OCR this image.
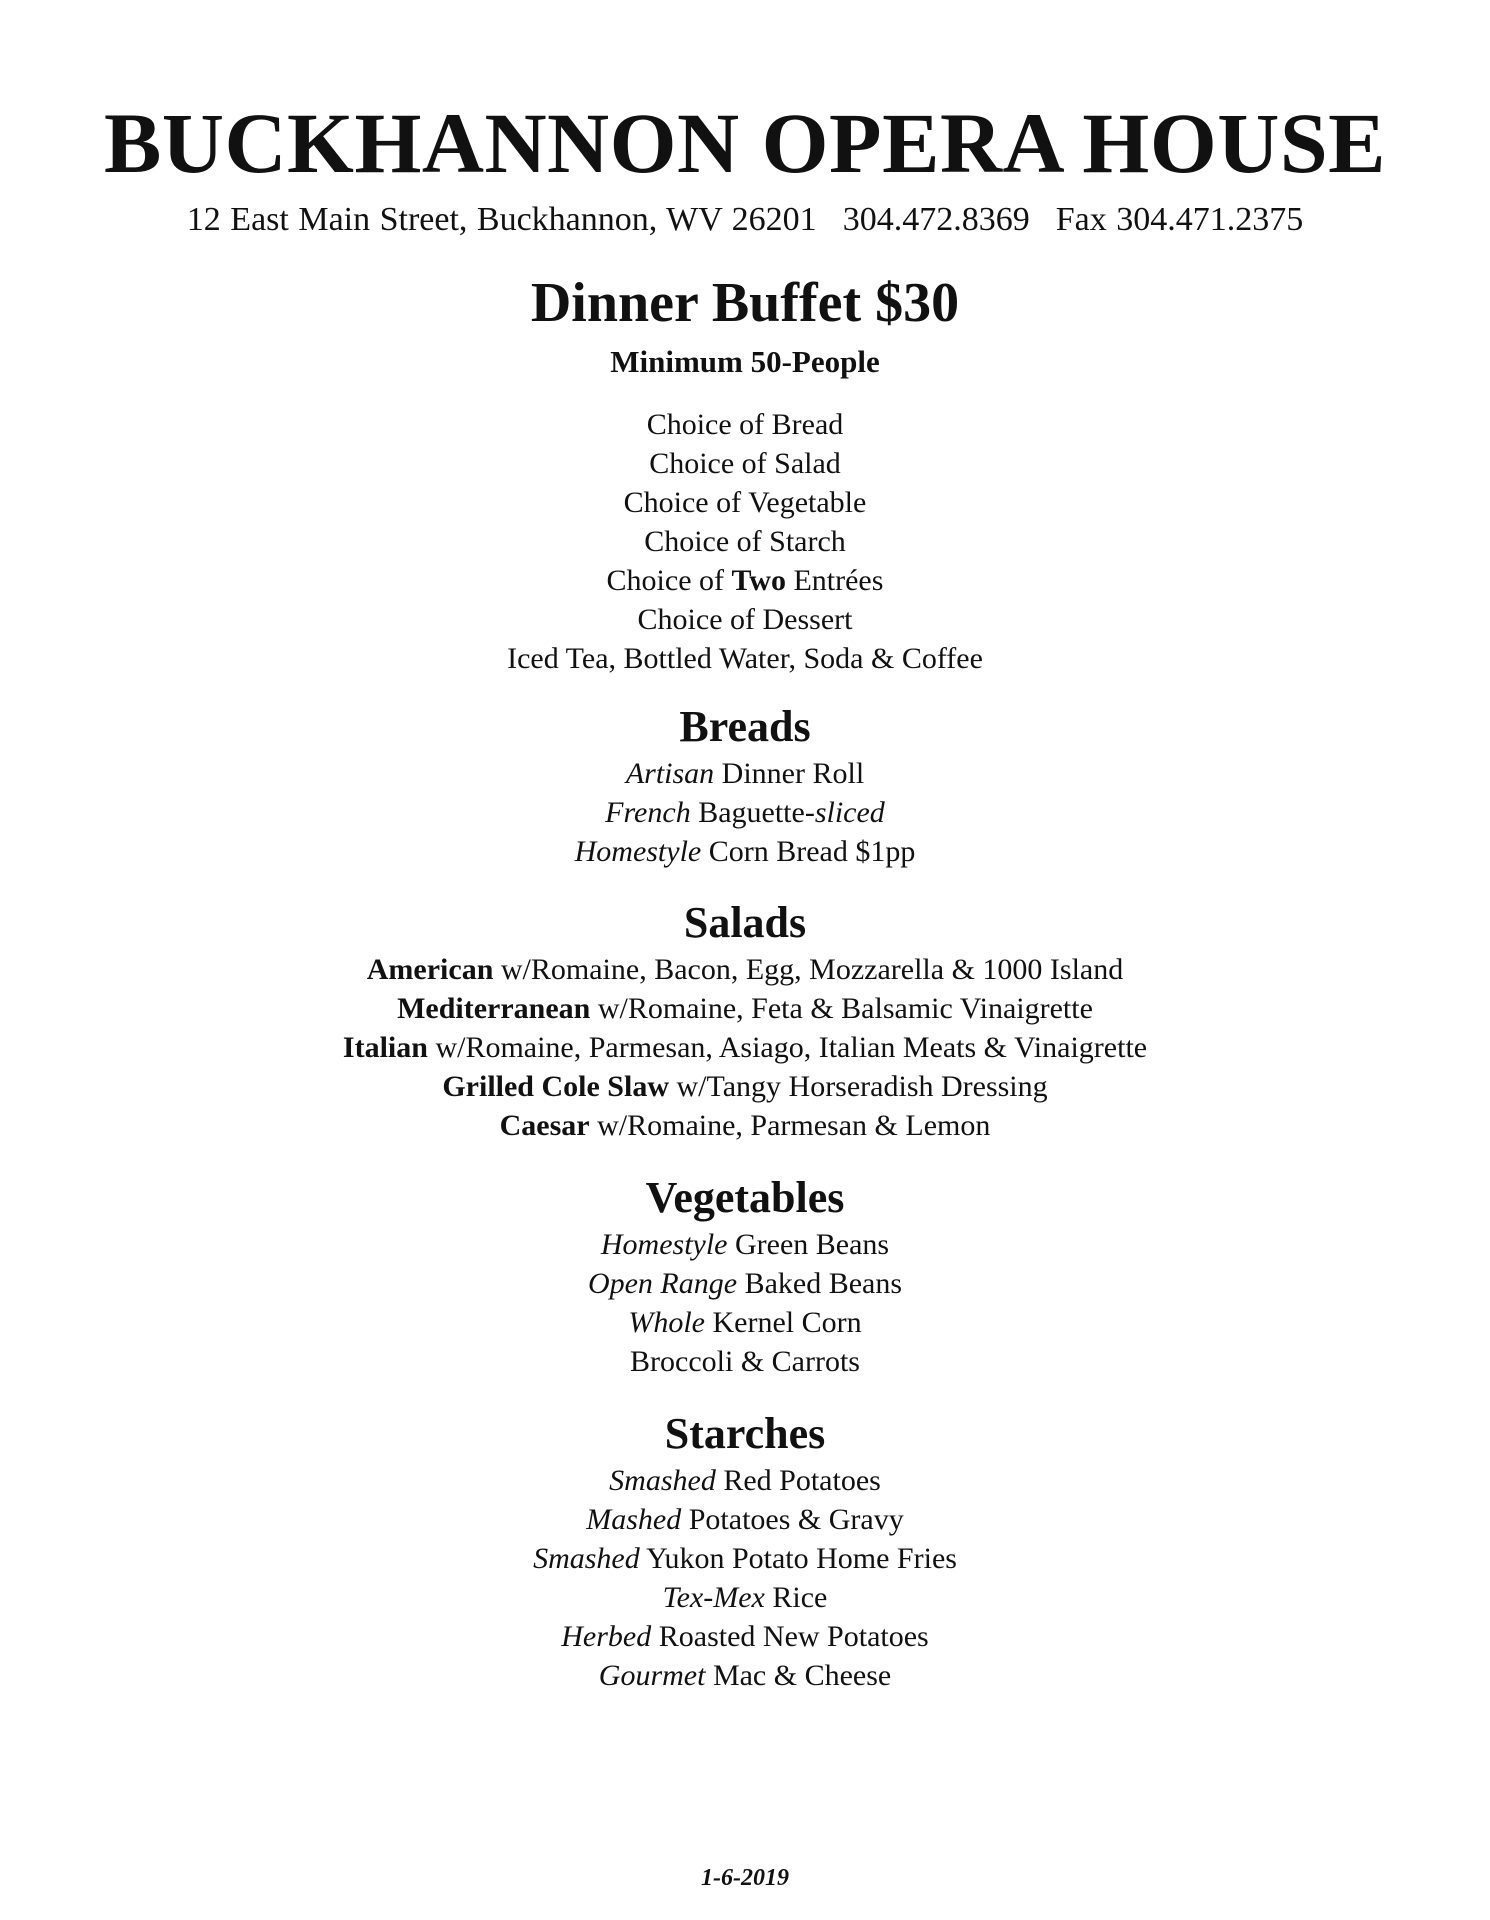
BUCKHANNON OPERA HOUSE
12 East Main Street, Buckhannon, WV 26201 304.472.8369 Fax 304.471.2375
Dinner Buffet $30
Minimum 50-People
Choice of Bread
Choice of Salad
Choice of Vegetable
Choice of Starch
Choice of Two Entrées
Choice of Dessert
Iced Tea, Bottled Water, Soda & Coffee
Breads
Artisan Dinner Roll
French Baguette-sliced
Homestyle Corn Bread $1pp
Salads
American w/Romaine, Bacon, Egg, Mozzarella & 1000 Island
Mediterranean w/Romaine, Feta & Balsamic Vinaigrette
Italian w/Romaine, Parmesan, Asiago, Italian Meats & Vinaigrette
Grilled Cole Slaw w/Tangy Horseradish Dressing
Caesar w/Romaine, Parmesan & Lemon
Vegetables
Homestyle Green Beans
Open Range Baked Beans
Whole Kernel Corn
Broccoli & Carrots
Starches
Smashed Red Potatoes
Mashed Potatoes & Gravy
Smashed Yukon Potato Home Fries
Tex-Mex Rice
Herbed Roasted New Potatoes
Gourmet Mac & Cheese
1-6-2019
